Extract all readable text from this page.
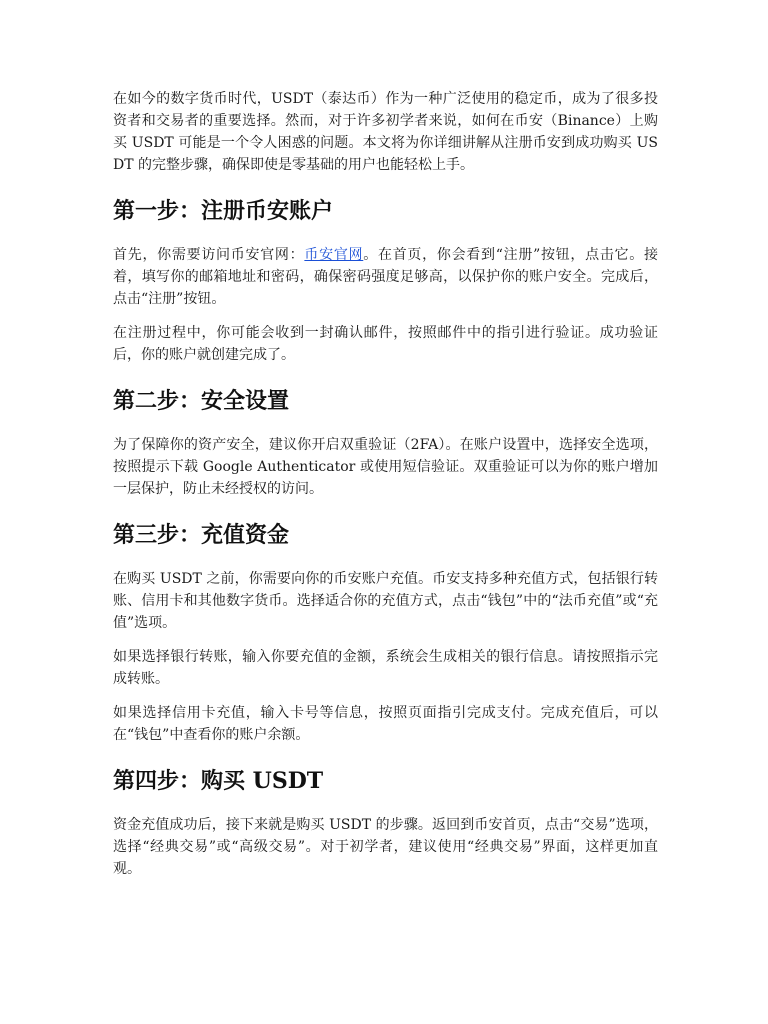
在如今的数字货币时代，USDT（泰达币）作为一种广泛使用的稳定币，成为了很多投资者和交易者的重要选择。然而，对于许多初学者来说，如何在币安（Binance）上购买 USDT 可能是一个令人困惑的问题。本文将为你详细讲解从注册币安到成功购买 USDT 的完整步骤，确保即使是零基础的用户也能轻松上手。

第一步：注册币安账户

首先，你需要访问币安官网：币安官网。在首页，你会看到“注册”按钮，点击它。接着，填写你的邮箱地址和密码，确保密码强度足够高，以保护你的账户安全。完成后，点击“注册”按钮。

在注册过程中，你可能会收到一封确认邮件，按照邮件中的指引进行验证。成功验证后，你的账户就创建完成了。

第二步：安全设置

为了保障你的资产安全，建议你开启双重验证（2FA）。在账户设置中，选择安全选项，按照提示下载 Google Authenticator 或使用短信验证。双重验证可以为你的账户增加一层保护，防止未经授权的访问。

第三步：充值资金

在购买 USDT 之前，你需要向你的币安账户充值。币安支持多种充值方式，包括银行转账、信用卡和其他数字货币。选择适合你的充值方式，点击“钱包”中的“法币充值”或“充值”选项。

如果选择银行转账，输入你要充值的金额，系统会生成相关的银行信息。请按照指示完成转账。

如果选择信用卡充值，输入卡号等信息，按照页面指引完成支付。完成充值后，可以在“钱包”中查看你的账户余额。

第四步：购买 USDT

资金充值成功后，接下来就是购买 USDT 的步骤。返回到币安首页，点击“交易”选项，选择“经典交易”或“高级交易”。对于初学者，建议使用“经典交易”界面，这样更加直观。
